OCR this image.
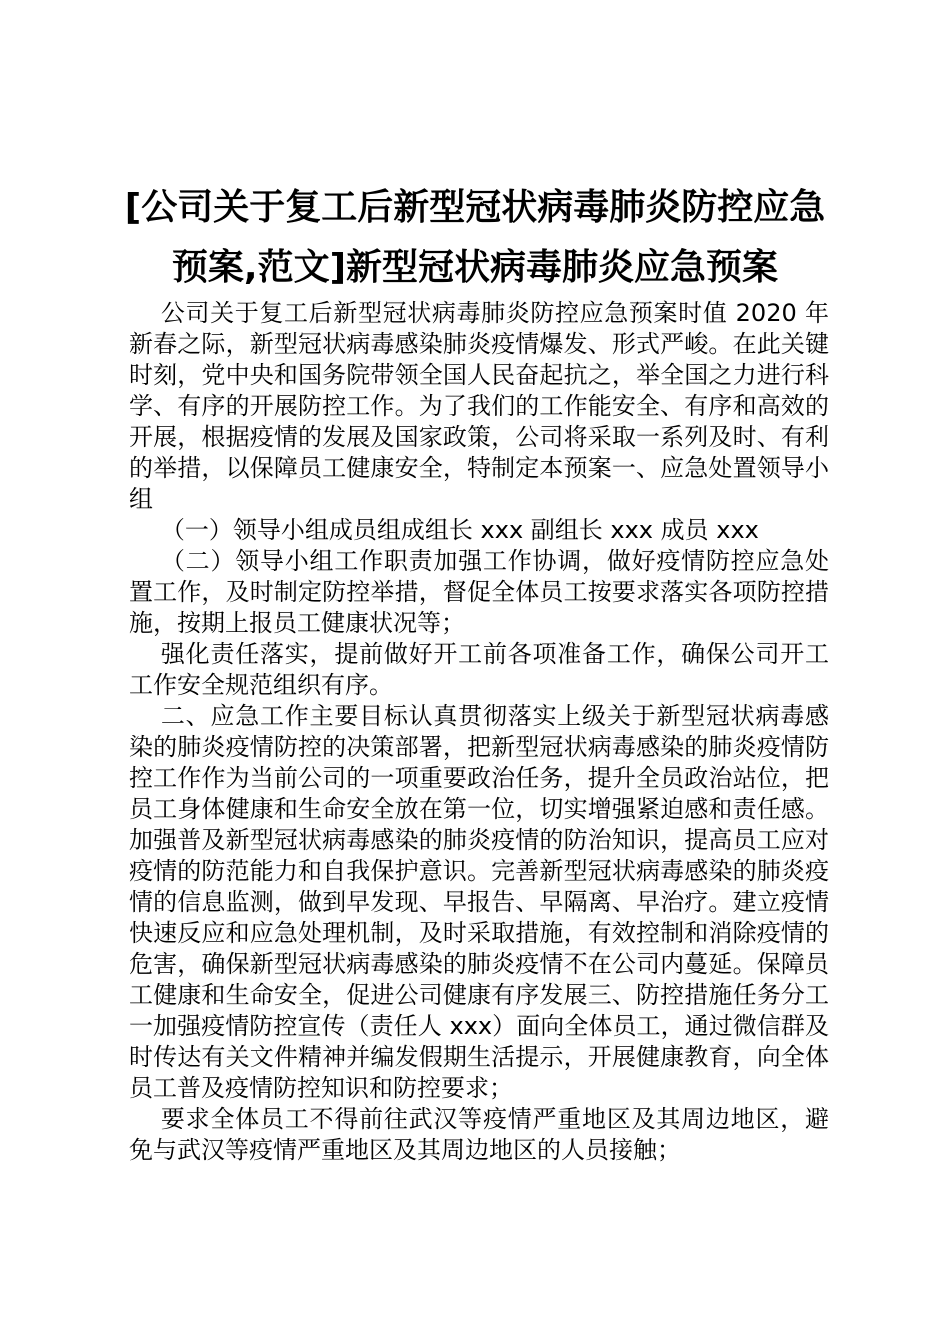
[公司关于复工后新型冠状病毒肺炎防控应急
预案,范文]新型冠状病毒肺炎应急预案

公司关于复工后新型冠状病毒肺炎防控应急预案时值 2020 年新春之际，新型冠状病毒感染肺炎疫情爆发、形式严峻。在此关键时刻，党中央和国务院带领全国人民奋起抗之，举全国之力进行科学、有序的开展防控工作。为了我们的工作能安全、有序和高效的开展，根据疫情的发展及国家政策，公司将采取一系列及时、有利的举措，以保障员工健康安全，特制定本预案一、应急处置领导小组

（一）领导小组成员组成组长 xxx 副组长 xxx 成员 xxx

（二）领导小组工作职责加强工作协调，做好疫情防控应急处置工作，及时制定防控举措，督促全体员工按要求落实各项防控措施，按期上报员工健康状况等；

强化责任落实，提前做好开工前各项准备工作，确保公司开工工作安全规范组织有序。

二、应急工作主要目标认真贯彻落实上级关于新型冠状病毒感染的肺炎疫情防控的决策部署，把新型冠状病毒感染的肺炎疫情防控工作作为当前公司的一项重要政治任务，提升全员政治站位，把员工身体健康和生命安全放在第一位，切实增强紧迫感和责任感。加强普及新型冠状病毒感染的肺炎疫情的防治知识，提高员工应对疫情的防范能力和自我保护意识。完善新型冠状病毒感染的肺炎疫情的信息监测，做到早发现、早报告、早隔离、早治疗。建立疫情快速反应和应急处理机制，及时采取措施，有效控制和消除疫情的危害，确保新型冠状病毒感染的肺炎疫情不在公司内蔓延。保障员工健康和生命安全，促进公司健康有序发展三、防控措施任务分工一加强疫情防控宣传（责任人 xxx）面向全体员工，通过微信群及时传达有关文件精神并编发假期生活提示，开展健康教育，向全体员工普及疫情防控知识和防控要求；

要求全体员工不得前往武汉等疫情严重地区及其周边地区，避免与武汉等疫情严重地区及其周边地区的人员接触；
